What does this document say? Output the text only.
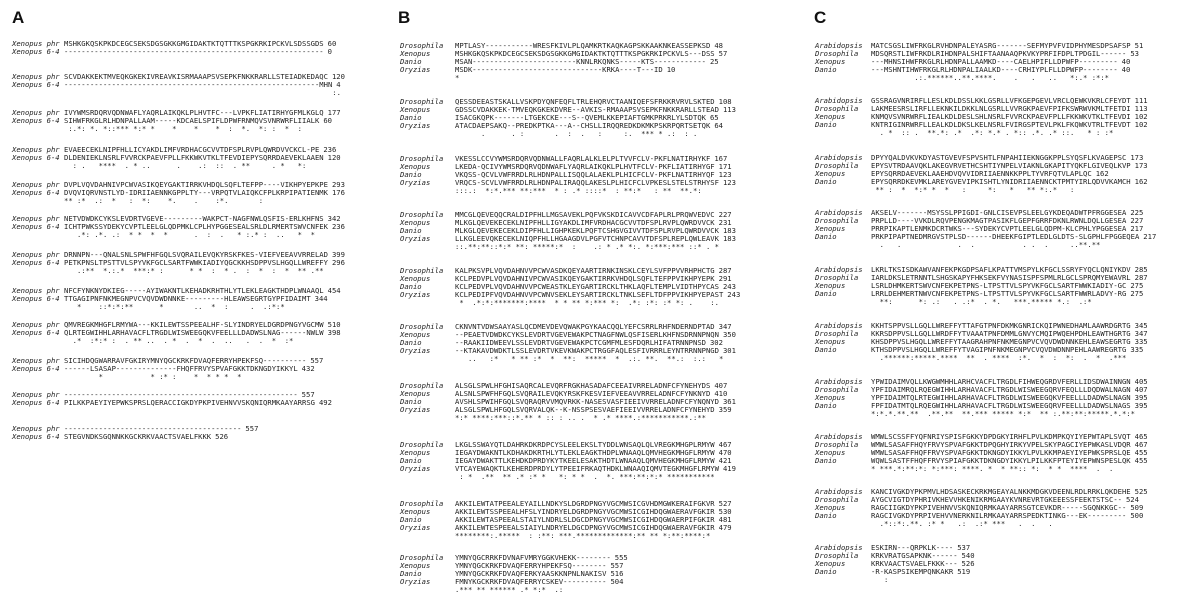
A
Xenopus phr MSHKGKQSKPKDCEGCSEKSDGSGKKGMGIDAKTKTQTTTKSPGKRKIPCKVLSDSSGDS 60
Xenopus 6-4 ------------------------------------------------------------ 0
Xenopus phr SCVDAKKEKTMVEQKGKEKIVREAVKISRMAAAPSVSEPKFNKKRARLLSTEIADKEDAQC 120
Xenopus 6-4 -----------------------------------------------------------MHN 4
:.
Xenopus phr IVYWMSRDQRVQDNWAFLYAQRLAIKQKLPLHVTFC---LVPKFLIATIRHYGFMLKGLQ 177
Xenopus 6-4 SIHWFRKGLRLHDNPALLAAM-----KDCAELSPIFLDPWFRNMQVSVNRWRFLIIALK 60
:.*: *. *::*** *:* *    *    *    *  :  *.  *: :  *  :
Xenopus phr EVAEECEKLNIPFHLLICYAKDLIMFVRDHACGCVVTDFSPLRVPLQWRDVVCKCL-PE 236
Xenopus 6-4 DLDENIEKLNSRLFVVRCKPAEVFPLLFKKWKVTKLTFEVDIEPYSQRRDAEVEKLAAEN 120
: .   ****  . * ..      .    .:  ::  . **     . *   *:
Xenopus phr DVPLVQVDAHNIVPCWVASIKQEYGAKTIRRKVHDQLSQFLTEFPP----VIKHPYEPKPE 293
Xenopus 6-4 DVQVIQRVNSTLYD-IDRIIAENNKGPPLTY---VRPQTVLAIQKCFPLKRPIPATIENMK 176
** :*  .:  *   :  *:    *.    .    :*.       :
Xenopus phr NETVDWDKCYKSLEVDRTVGEVE---------WAKPCT-NAGFNWLQSFIS-ERLKHFNS 342
Xenopus 6-4 ICHTPWKSSYDEKYCVPTLEELGLQDPMKLCPLHYPGGESEALSRLDLRMERTSWVCNFEK 236
.*: .*. .:  * *  *  *      .  :  .   * :.* :  ..   *  *
Xenopus phr DRNNPN---QNALSNLSPWFHFGQLSVQRAILEVQKYRSKFKES-VIEFVEEAVVRRELAD 399
Xenopus 6-4 PETKPNSLTPSTTVLSPYVKFGCLSARTFWWKIADIYQGCKKHSDPPVSLHGQLLWREFFY 296
.:**  *.:.*  ***:* :      * *  :  * .  :  *  :  *  ** .**
Xenopus phr NFCFYNKNYDKIEG-----AYIWAKNTLKEHADKRHTHLYTLEKLEAGKTHDPLWNAAQL 454
Xenopus 6-4 TTGAGIPNFNKMEGNPVCVQVDWDNNKE---------HLEAWSEGRTGYPFIDAIMT 344
*    ::*:*:**      *       ..  *  :     .  .:*:*
Xenopus phr QMVREGKMHGFLRMYWA---KKILEWTSSPEEALHF-SLYINDRYELDGRDPNGYVGCMW 510
Xenopus 6-4 QLRTEGWIHHLARHAVACFLTRGDLWISWEEGQKVFEELLLDADWSLNAG------NWLW 398
.*  :*:* :  . ** ..  . *  .  *  .  ..   .  .  *  :*
Xenopus phr SICIHDQGWARRAVFGKIRYMNYQGCKRKFDVAQFERRYHPEKFSQ---------- 557
Xenopus 6-4 ------LSASAP--------------FHQFFRVYSPVAFGKKTDKNGDYIKKYL 432
*           * :* :    *  * * *  *
Xenopus phr ------------------------------------------------------ 557
Xenopus 6-4 PILKKPAEYIYEPWKSPRSLQERACCIGKDYPKPIVEHNVVSKQNIQRMKAAYARRSG 492
Xenopus phr ----------------------------------------- 557
Xenopus 6-4 STEGVNDKSGQNNKKGCKRKVAACTSVAELFKKK 526
B
Drosophila	MPTLASY-----------WRESFKIVLPLQAMKRTKAQKAGPSKKAAKNKEASSEPKSD 48
Xenopus	MSHKGKQSKPKDCEGCSEKSDGSGKKGMGIDAKTKTQTTTKSPGKRKIPCKVLS---DSS 57
Danio	MSAN------------------------KNNLRKQNKS-----KTS------------ 25
Oryzias	MSDK------------------------------KRKA----T---ID 10
*
Drosophila	QESSDEEASTSKALLVSKPDYQNFEQFLTRLEHQRVCTAANIQEFSFRKKRVRVLSKTED 108
Xenopus	GDSSCVDAKKEK-TMVEQKGKEKDVRE--AVKIS-RMAAAPSVSEPKFNKKRARLLSTEAD 113
Danio	ISACGKQPK-------LTGEKCKE---S--QVEMLKKEPIAFTGMKPRKRLYLSDTQK 65
Oryzias	ATACDAEPSAKQ--PREDKPTKA---A--CHSLLIRQQREDKDKMKPSKRPQRTSETQK 64
.      . :       .  :  .   :     :.  *** * .:  : .
Drosophila	VKESSLCCVYWMSRDQRVQDNWALLFAQRLALKLELPLTVVFCLV-PKFLNATIRHYKF 167
Xenopus	LKEDA-QCIVYWMSRDQRVQDNWAFLYAQRLAIKQKLPLHVTFCLV-PKFLIATIRHYGF 171
Danio	VKQSS-QCVLVWFRRDLRLHDNPALLISQQLALAEKLPLHICFCLV-PKFLNATIRHYQF 123
Oryzias	VRQCS-SCVLVWFRRDLRLHDNPALIRAQQLAKESLPLHICFCLVPKESLSTELSTRHYSF 123
:::.:  *:*.*** **:***  * : .* ::::*  : **:*   : **  **.*:
Drosophila	MMCGLQEVEQQCRALDIPFHLLMGSAVEKLPQFVKSKDICAVVCDFAPLRLPRQWVEDVC 227
Xenopus	MLKGLQEVEKECEKLNIPFHLLIGYAKDLIMFVRDHACGCVVTDFSPLRVPLQWRDVVCK 231
Danio	MLKGLQEVEKECEKLDIPFHLLIGHPKEKLPQFTCSHGVGIVVTDFSPLRVPLQWRDVVCK 183
Oryzias	LLKGLEEVQKECEKLNIQPFHLLHGAAGDVLPGFVTCHNPCAVVTDFSPLREPLQWLEAVK 183
::.**:**::*:* **: *****:*  :    .: * .* *:. *:***:*** ::* . *
Drosophila	KALPKSVPLVQVDAHNVVPCWVASDKQEYAARTIRNKINSKLCEYLSVFPPVVRHPHCTG 287
Xenopus	KCLPEDVPLVQVDAHNIVPCWVASIKQEYGAKTIRRKVHDQLSQFLTEFPPVIKHPYEPK 291
Danio	KCLPEDVPLVQVDAHNVVPCWEASTKLEYGARTIRCKLTHKLAQFLTEMPLVIDTHPYCAS 243
Oryzias	KCLPEDIPFVQVDAHNVVPCWNVSEKLEYSARTIRCKLTNKLSEFLTDFPPVIKHPYEPAST 243
*  .*:*:*******:****  * * ** *:*** *:  .*: :*: :* *: .    :.
Drosophila	CKNVNTVDWSAAYASLQCDMEVDEVQWAKPGYKAACQQLYEFCSRRLRHFNDERNDPTAD 347
Xenopus	--PEAETVDWDKCYKSLEVDRTVGEVEWAKPCTNAGFNWLQSFISERLKHFNSDRNNPNQN 350
Danio	--RAAKIIDWEEVLSSLEVDRTVGEVEWAKPCTCGMFMLESFDQRLHIFATRNNPNSD 302
Oryzias	--KTAKAVDWDKTLSSLEVDRTVKEVKWAKPCTRGGFAQLESFIVRRRLEYNTRRNNPNGD 301
..   :*   * ** :*  *  **:  *****  *  .:. **.  **.:  :.:   *
Drosophila	ALSGLSPWLHFGHISAQRCALEVQRFRGKHASADAFCEEAIVRRELADNFCFYNEHYDS 407
Xenopus	ALSNLSPWFHFGQLSVQRAILEVQKYRSKFKESVIEFVEEAVVRRELADNFCFYNKNYD 410
Danio	AVSHLSPWIHFGQLSVQRAQRVVMQVRKK-NASESVASFIEEIVVRRELADNFCFYNQNYD 361
Oryzias	ALSGLSPWLHFGQLSVQRVALQK--K-NSSPSESVAEFIEEIVVRRELADNFCFYNEHYD 359
*:* ****:***::*.** * :: : .. .  * .* ****.:***********.:**
Drosophila	LKGLSSWAYQTLDAHRKDKRDPCYSLEELEKSLTYDDLWNSAQLQLVREGKMHGPLRMYW 467
Xenopus	IEGAYDWAKNTLKDHAKDKRTHLYTLEKLEAGKTHDPLWNAAQLQMVHEGKMHGFLRMYW 470
Danio	IEGAYDWAKTTLKEHDKDPRDYKYTKEELESAKTHDTLWNAAQLQMVHEGKMHGFLRMYW 421
Oryzias	VTCAYEWAQKTLKEHERDPRDYLYTPEEIFRKAQTHDKLWNAAQIQMVTEGKMHGFLRMYW 419
: *  .**  ** .* :* *   *: * *  .  *. ***:**:*:* ***********
Drosophila	AKKILEWTATPEEALEYAILLNDKYSLDGRDPNGYVGCMWSICGVHDMGWKERAIFGKVR 527
Xenopus	AKKILEWTSSPEEALHFSLYINDRYELDGRDPNGYVGCMWSICGIHDQGWAERAVFGKIR 530
Danio	AKKILEWTASPEEALSTAIYLNDRLSLDGCDPNGYVGCMWSICGIHDQGWAERPIFGKIR 481
Oryzias	AKKILEWTESPEEALSIAIYLNDRYELDGCDPNGYVGCMWSICGIHDQGWAERAVFGKIR 479
********:.*****  : :**: ***.*************:** ** *:**:****:*
Drosophila	YMNYQGCRRKFDVNAFVMRYGGKVHEKK-------- 555
Xenopus	YMNYQGCKRKFDVAQFERRYHPEKFSQ-------- 557
Danio	YMNYQGCKRKFDVAQFERKYAASKKNPNLNAKISV 516
Oryzias	FMNYKGCKRKFDVAQFERRYCSKEV---------- 504
.*** ** ****** .* *:*  .:
C
Arabidopsis	MATCSGSLIWFRKGLRVHDNPALEYASRG-------SEFMYPVFVIDPHYMESDPSAFSP 51
Drosophila	MDSQRSTLIWFRKDLRIHDNPALSHIFTAANAAQPKVKYPRFIFDPLTPDGIL------ 53
Xenopus	---MHNSIHWFRKGLRLHDNPALLAAMKD----CAELHPIFLLDPWFP--------- 40
Danio	---MSHNTIHWFRKGLRLHDNPALIAALKD----CRHIYPLFLLDPWFP-------- 40
.:.******..**.****.    .   .   ..   *:.* :*:*
Arabidopsis	GSSRAGVNRIRFLLESLKDLDSSLKKLGSRLLVFKGEPGEVLVRCLQEWKVKRLCFEYDT 111
Drosophila	LAKMEESRSLIRFLLEKNKILDKKLNLGSRLLVVRGKPAEVFPIFKSWRWVKMLTFETDI 113
Xenopus	KNMQVSVNRWRFLIEALKDLDESLSHLNSRLFVVRCKPAEVFPLLFKKWKVTKLTFEVDI 102
Danio	KNTRIGINRWRFLLEALKDLDKSLKELNSRLFVIRGSPTEVLPKLFKQWKVTRLTFEVDT 102
. *  :: .  **.*: .*  .*: *.* . *:: .*. .* ::.   * : :*
Arabidopsis	DPYYQALDVKVKDYASTGVEVFSPVSHTLFNPAHIIEKNGGKPPLSYQSFLKVAGEPSC 173
Drosophila	EPYSVTRDAAVQKLAKEGVRVETHCSHTIYNPELVIAKNLGKAPITYQKFLGIVEQLKVP 173
Xenopus	EPYSQRRDAEVEKLAAEHDVQVVIDRIIAENNKKPPLTYVRFQTVLAPLQC 162
Danio	EPYSQRRDKEVMKLAREYGVEVIPKISHTLYNIDRIIAENNCKTPMTYIRLQDVVKAMCH 162
** :  *  *:* *  *   :     *:   *   ** *:.*   :
Arabidopsis	AKSELV-------MSYSSLPPIGDI-GNLCISEVPSLEELGYKDEQADWTPFRGGESEA 225
Drosophila	PRPLLD----VVKDLRQVPENGKMAGTPASIKFLGEPFGRRFDKNLRWNLDQLLGESEA 227
Xenopus	PRRPIKAPTLENMKDCRTWKS---SYDEKYCVPTLEELGLQDPM-KLCPHLYPGGESEA 217
Danio	PRKPIPAPTNEDMRGVSTPLSD------DHEEKFGIPTLEDLGLDTS-SLGPHLFPGGEQEA 217
.   .             .  .           . .  .     ..**.**
Arabidopsis	LKRLTKSISDKAWVANFEKPKGDPSAFLKPATTVMSPYLKFGCLSSRYFYQCLQNIYKDV 285
Drosophila	IARLDKSLETRNNTLSHGSKAPYFHKSEKFVYNASISPFSPMLRLGCLSPRQMYEWAVRL 287
Xenopus	LSRLDHMKERTSWVCNFEKPETPNS-LTPSTTVLSPYVKFGCLSARTFWWKIADIY-GC 275
Danio	LRRLDEHMERTNWVCNFEKPETPNS-LTPSTTVLSPYVKFGCLSARTFWWRLADVY-RG 275
**:      *: .:   . .:*  . *.   ***.***** *.:  .:*
Arabidopsis	KKHTSPPVSLLGQLLWREFFYTTAFGTPNFDKMKGNRICKQIPWNEDHAMLAAWRDGRTG 345
Drosophila	KKRSDPPVSLLGQLLWRDFFYTVAAATPNFDMMLGNVYCMQIPWQEHPDHLEAWTHGRTG 347
Xenopus	KHSDPPVSLHGQLLWREFFYTAAGRAHPNFNKMEGNPVCVQVDWDNNKEHLEAWSEGRTG 335
Danio	KTHSDPPVSLHGQLLWREFFYTVAGIPNFNKMEGNPVCVQVDWDNNPEHLAAWREGRTG 335
.******:*****.****  **  . ****  :*.  *  :  *:  .  *  .***
Arabidopsis	YPWIDAIMVQLLKWGWMHHLARHCVACFLTRGDLFIHWEQGRDVFERLLIDSDWAINNGN 405
Drosophila	YPFIDAIMRQLRQEGWIHHLARHAVACFLTRGDLWISWEEGQRVFEQLLLDQDWALNAGN 407
Xenopus	YPFIDAIMTQLRTEGWIHHLARHAVACFLTRGDLWISWEEGQKVFEELLLDADWSLNAGN 395
Danio	FPFIDATMTQLRQEGWIHHLARHAVACFLTRGDLWISWEEGQRVFEELLLDADWSLNAGS 395
*:*.*.**.**  .**.**  **.*** ***** *:*  ** :.**:**:*****.*.*:*
Arabidopsis	WMWLSCSSFFYQFNRIYSPISFGKKYDPDGKYIRHFLPVLKDMPKQYIYEPWTAPLSVQT 465
Drosophila	WMWLSASAFFHQYFRVYSPVAFGKKTDPQGHYIRKYVPELSKYPAGCIYEPWKASLVDQR 467
Xenopus	WMWLSASAFFHQFFRVYSPVAFGKKTDKNGDYIKKYLPVLKKMPAEYIYEPWKSPRSLQE 455
Danio	WQWLSASTFFHQFFRVYSPIAFGKKTDKNGDYIKKYLPILKKFPTEYIYEPWNSPESLQK 455
* ***.*:**:*: *:***: ****. *  * **:: *:  * *  ****  .  .
Arabidopsis	KANCIVGKDYPKPMVLHDSASKECKRKMGEAYALNKKMDGKVDEENLRDLRRKLQKDEHE 525
Drosophila	AYGCVIGTDYPHRIVKHEVVHKENIKRMGAAYKVNREVRTGKEEESSFEEKTSTSC-- 524
Xenopus	RAGCIIGKDYPKPIVEHNVVSKQNIQRMKAAYARRSGTCEVKDR-----SGQNKKGC-- 509
Danio	RAGCIVGKDYPRPIVEHVVNERKNILRMKAAYARRSPEDKTINKG---EK--------- 500
.*::*:.**. :* *   .:  .:* ***   .  .   .
Arabidopsis	ESKIRN---QRPKLK---- 537
Drosophila	KRKVRATGSAPKNK------ 540
Xenopus	KRKVAACTSVAELFKKK--- 526
Danio	-R-KASPSIKEMPQNKAKR 519
:
